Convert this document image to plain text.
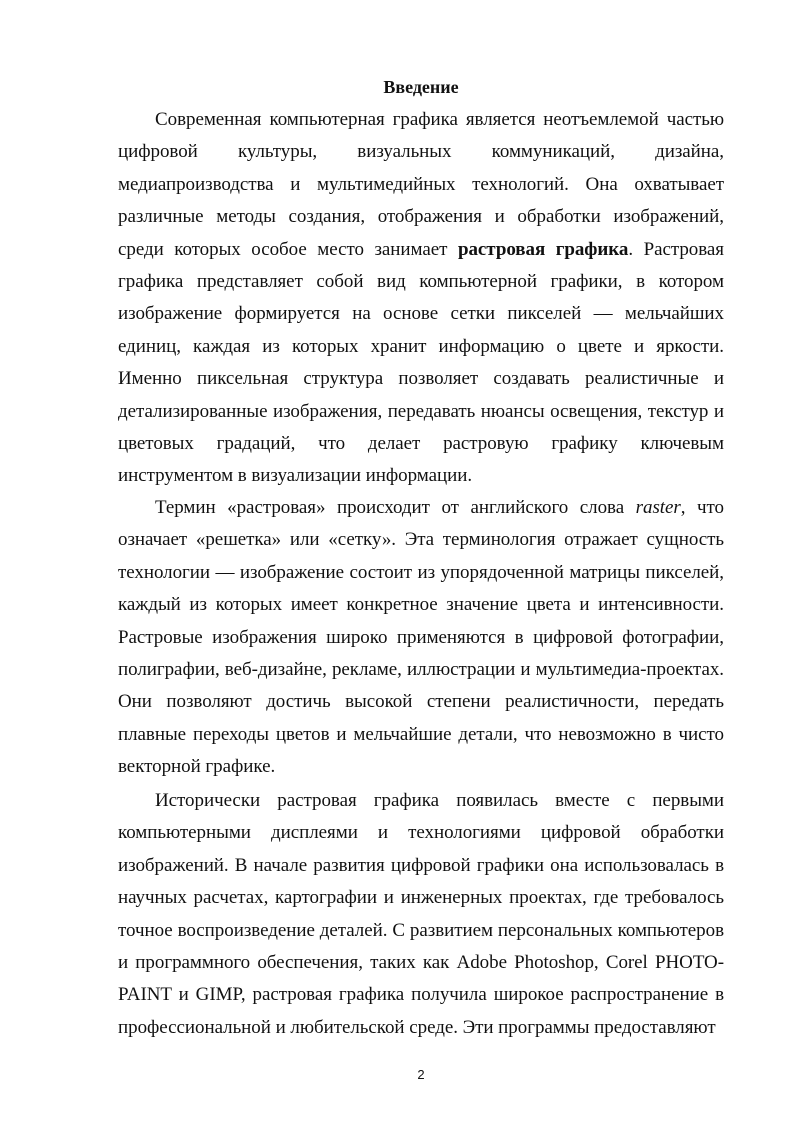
Введение

Современная компьютерная графика является неотъемлемой частью цифровой культуры, визуальных коммуникаций, дизайна, медиапроизводства и мультимедийных технологий. Она охватывает различные методы создания, отображения и обработки изображений, среди которых особое место занимает растровая графика. Растровая графика представляет собой вид компьютерной графики, в котором изображение формируется на основе сетки пикселей — мельчайших единиц, каждая из которых хранит информацию о цвете и яркости. Именно пиксельная структура позволяет создавать реалистичные и детализированные изображения, передавать нюансы освещения, текстур и цветовых градаций, что делает растровую графику ключевым инструментом в визуализации информации.

Термин «растровая» происходит от английского слова raster, что означает «решетка» или «сетку». Эта терминология отражает сущность технологии — изображение состоит из упорядоченной матрицы пикселей, каждый из которых имеет конкретное значение цвета и интенсивности. Растровые изображения широко применяются в цифровой фотографии, полиграфии, веб-дизайне, рекламе, иллюстрации и мультимедиа-проектах. Они позволяют достичь высокой степени реалистичности, передать плавные переходы цветов и мельчайшие детали, что невозможно в чисто векторной графике.

Исторически растровая графика появилась вместе с первыми компьютерными дисплеями и технологиями цифровой обработки изображений. В начале развития цифровой графики она использовалась в научных расчетах, картографии и инженерных проектах, где требовалось точное воспроизведение деталей. С развитием персональных компьютеров и программного обеспечения, таких как Adobe Photoshop, Corel PHOTO-PAINT и GIMP, растровая графика получила широкое распространение в профессиональной и любительской среде. Эти программы предоставляют

2
